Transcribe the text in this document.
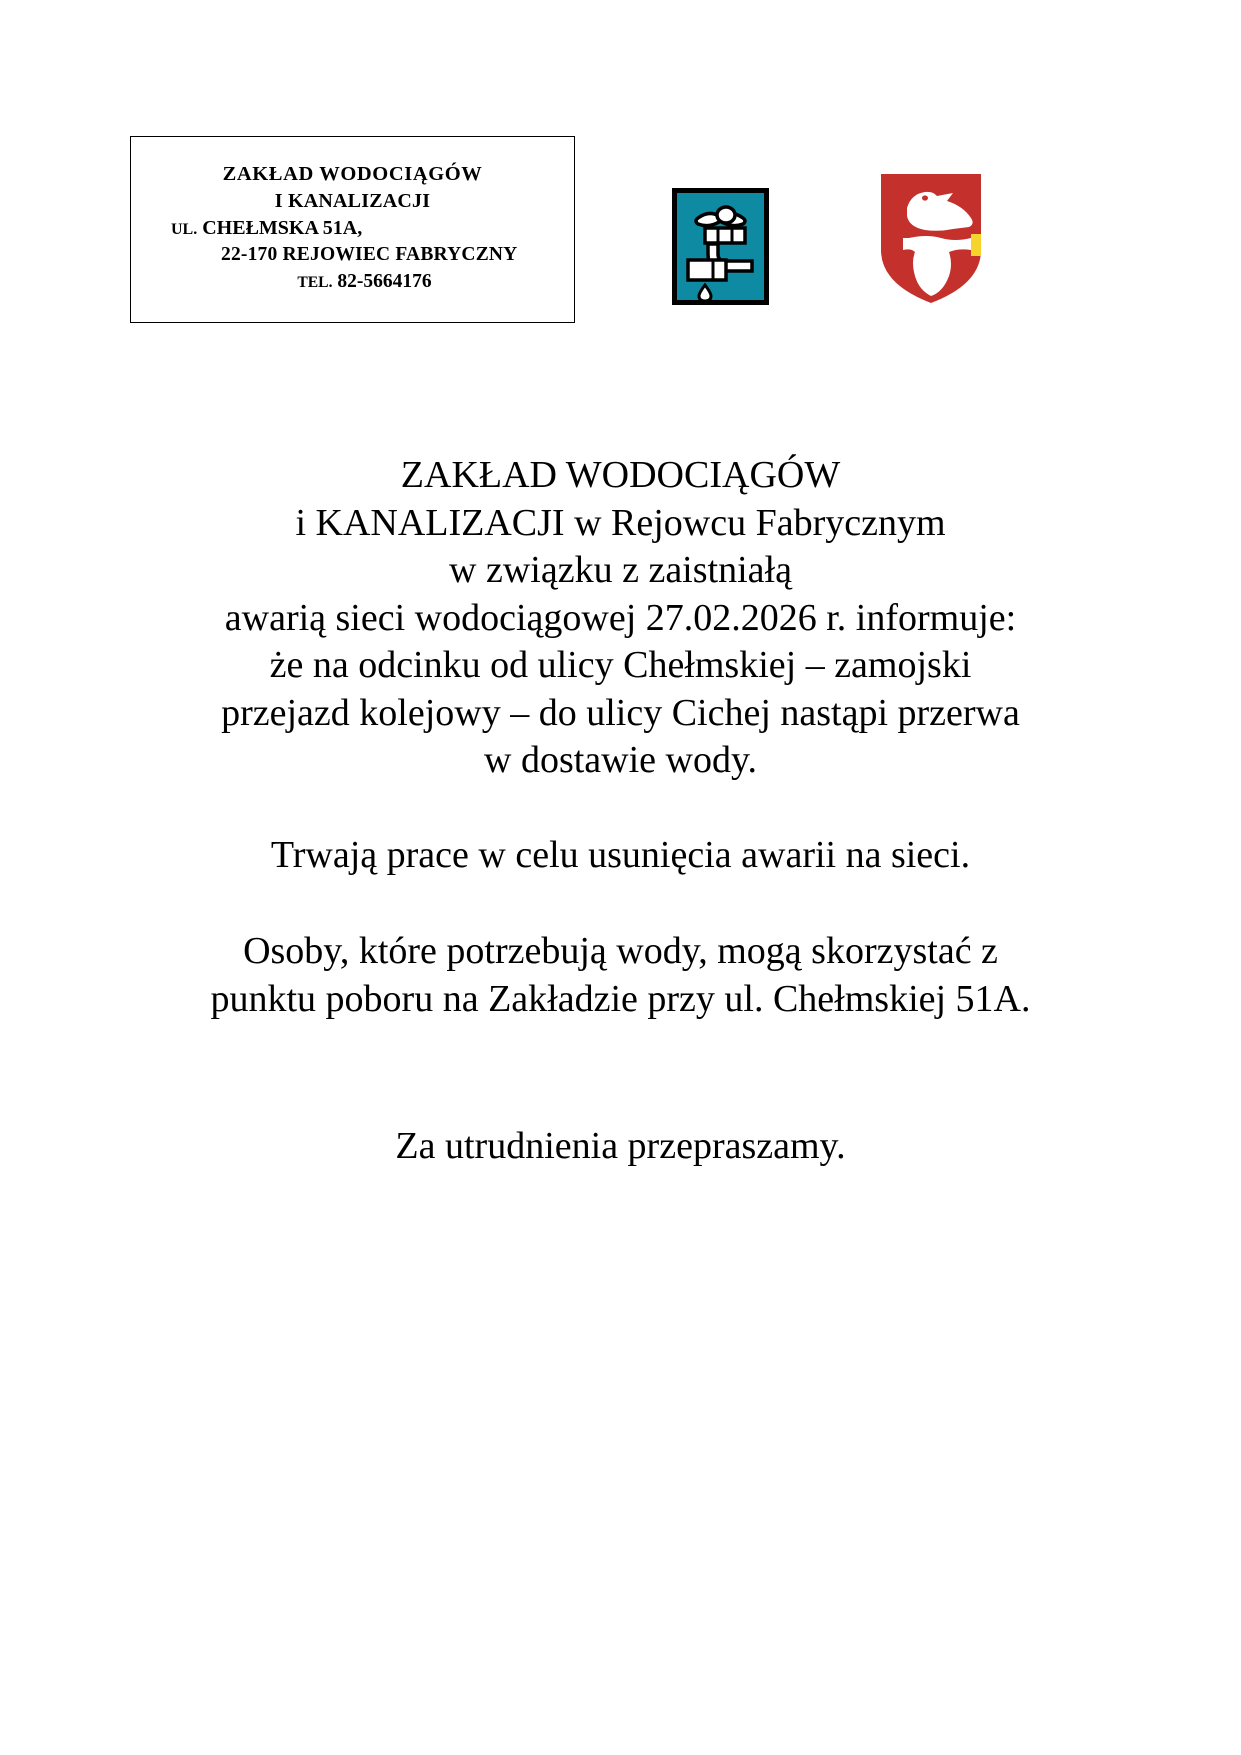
ZAKŁAD WODOCIĄGÓW
I KANALIZACJI
UL. CHEŁMSKA 51A,
22-170 REJOWIEC FABRYCZNY
TEL. 82-5664176
ZAKŁAD WODOCIĄGÓW
i KANALIZACJI w Rejowcu Fabrycznym
w związku z zaistniałą
awarią sieci wodociągowej 27.02.2026 r. informuje:
że na odcinku od ulicy Chełmskiej – zamojski
przejazd kolejowy – do ulicy Cichej nastąpi przerwa
w dostawie wody.
Trwają prace w celu usunięcia awarii na sieci.
Osoby, które potrzebują wody, mogą skorzystać z
punktu poboru na Zakładzie przy ul. Chełmskiej 51A.
Za utrudnienia przepraszamy.
